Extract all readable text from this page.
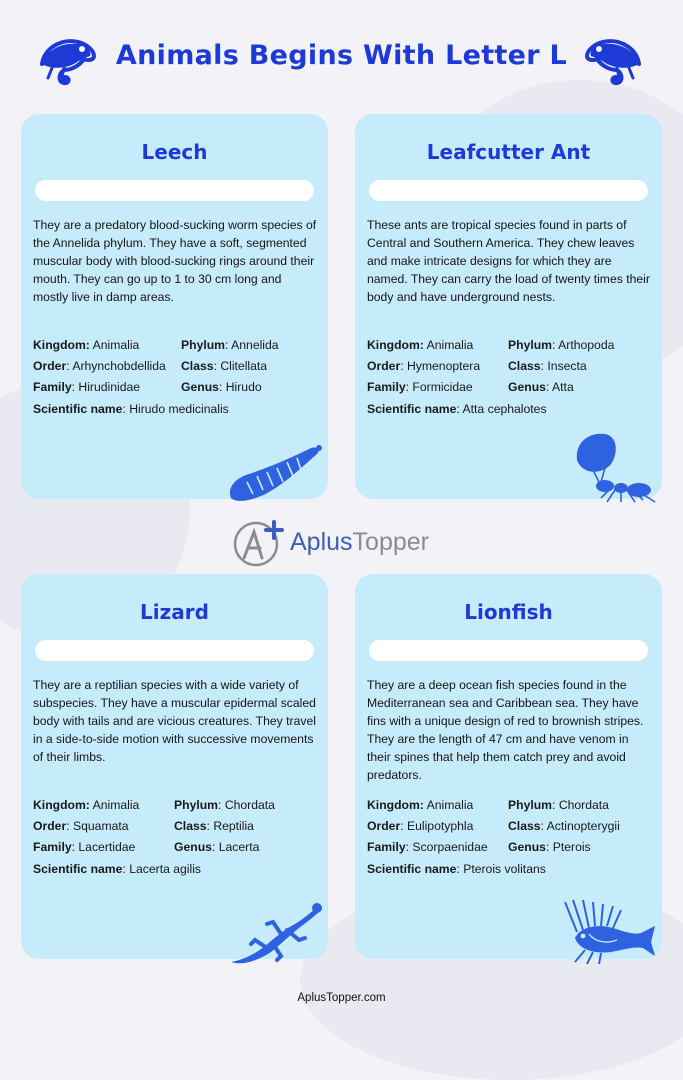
Animals Begins With Letter L
Leech
They are a predatory blood-sucking worm species of the Annelida phylum. They have a soft, segmented muscular body with blood-sucking rings around their mouth. They can go up to 1 to 30 cm long and mostly live in damp areas.
Kingdom: Animalia	Phylum: Annelida
Order: Arhynchobdellida Class: Clitellata
Family: Hirudinidae	Genus: Hirudo
Scientific name: Hirudo medicinalis
Leafcutter Ant
These ants are tropical species found in parts of Central and Southern America. They chew leaves and make intricate designs for which they are named. They can carry the load of twenty times their body and have underground nests.
Kingdom: Animalia	Phylum: Arthopoda
Order: Hymenoptera Class: Insecta
Family: Formicidae	Genus: Atta
Scientific name: Atta cephalotes
Lizard
They are a reptilian species with a wide variety of subspecies. They have a muscular epidermal scaled body with tails and are vicious creatures. They travel in a side-to-side motion with successive movements of their limbs.
Kingdom: Animalia	Phylum: Chordata
Order: Squamata	Class: Reptilia
Family: Lacertidae	Genus: Lacerta
Scientific name: Lacerta agilis
Lionfish
They are a deep ocean fish species found in the Mediterranean sea and Caribbean sea. They have fins with a unique design of red to brownish stripes. They are the length of 47 cm and have venom in their spines that help them catch prey and avoid predators.
Kingdom: Animalia	Phylum: Chordata
Order: Eulipotyphla	Class: Actinopterygii
Family: Scorpaenidae Genus: Pterois
Scientific name: Pterois volitans
AplusTopper
AplusTopper.com
